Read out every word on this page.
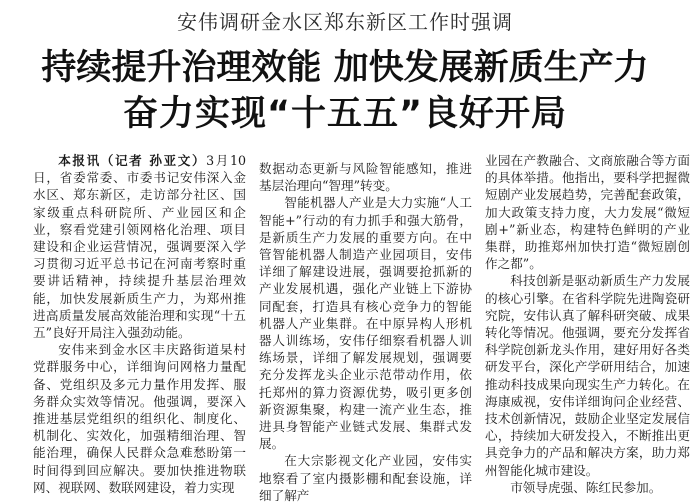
安伟调研金水区郑东新区工作时强调
持续提升治理效能 加快发展新质生产力
奋力实现“十五五”良好开局

本报讯（记者 孙亚文）3月10日，省委常委、市委书记安伟深入金水区、郑东新区，走访部分社区、国家级重点科研院所、产业园区和企业，察看党建引领网格化治理、项目建设和企业运营情况，强调要深入学习贯彻习近平总书记在河南考察时重要讲话精神，持续提升基层治理效能，加快发展新质生产力，为郑州推进高质量发展高效能治理和实现“十五五”良好开局注入强劲动能。

安伟来到金水区丰庆路街道杲村党群服务中心，详细询问网格力量配备、党组织及多元力量作用发挥、服务群众实效等情况。他强调，要深入推进基层党组织的组织化、制度化、机制化、实效化，加强精细治理、智能治理，确保人民群众急难愁盼第一时间得到回应解决。要加快推进物联网、视联网、数联网建设，着力实现

数据动态更新与风险智能感知，推进基层治理向“智理”转变。

智能机器人产业是大力实施“人工智能+”行动的有力抓手和强大筋骨，是新质生产力发展的重要方向。在中管智能机器人制造产业园项目，安伟详细了解建设进展，强调要抢抓新的产业发展机遇，强化产业链上下游协同配套，打造具有核心竞争力的智能机器人产业集群。在中原异构人形机器人训练场，安伟仔细察看机器人训练场景，详细了解发展规划，强调要充分发挥龙头企业示范带动作用，依托郑州的算力资源优势，吸引更多创新资源集聚，构建一流产业生态，推进具身智能产业链式发展、集群式发展。

在大宗影视文化产业园，安伟实地察看了室内摄影棚和配套设施，详细了解产

业园在产教融合、文商旅融合等方面的具体举措。他指出，要科学把握微短剧产业发展趋势，完善配套政策，加大政策支持力度，大力发展“微短剧+”新业态，构建特色鲜明的产业集群，助推郑州加快打造“微短剧创作之都”。

科技创新是驱动新质生产力发展的核心引擎。在省科学院先进陶瓷研究院，安伟认真了解科研突破、成果转化等情况。他强调，要充分发挥省科学院创新龙头作用，建好用好各类研发平台，深化产学研用结合，加速推动科技成果向现实生产力转化。在海康威视，安伟详细询问企业经营、技术创新情况，鼓励企业坚定发展信心，持续加大研发投入，不断推出更具竞争力的产品和解决方案，助力郑州智能化城市建设。

市领导虎强、陈红民参加。
